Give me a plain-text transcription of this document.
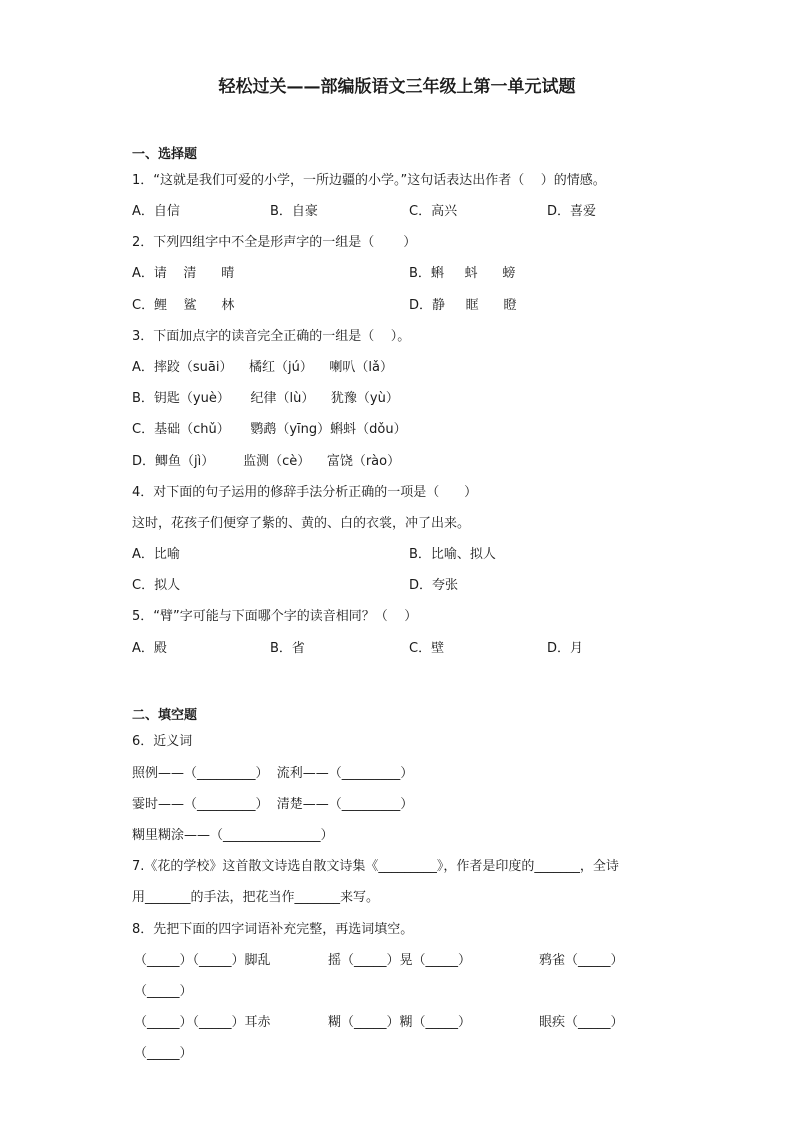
轻松过关——部编版语文三年级上第一单元试题
一、选择题
1．“这就是我们可爱的小学，一所边疆的小学。”这句话表达出作者（    ）的情感。
A．自信	B．自豪	C．高兴	D．喜爱
2．下列四组字中不全是形声字的一组是（       ）
A．请    清      晴	B．蝌     蚪      螃
C．鲤    鲨      林	D．静     眶      瞪
3．下面加点字的读音完全正确的一组是（    ）。
A．摔跤（suāi）    橘红（jú）    喇叭（lǎ）
B．钥匙（yuè）     纪律（lù）    犹豫（yù）
C．基础（chǔ）     鹦鹉（yīng）蝌蚪（dǒu）
D．鲫鱼（jì）       监测（cè）    富饶（rào）
4．对下面的句子运用的修辞手法分析正确的一项是（      ）
这时，花孩子们便穿了紫的、黄的、白的衣裳，冲了出来。
A．比喻	B．比喻、拟人
C．拟人	D．夸张
5．“臂”字可能与下面哪个字的读音相同？（    ）
A．殿	B．省	C．壁	D．月
二、填空题
6．近义词
照例——（_________）  流利——（_________）
霎时——（_________）  清楚——（_________）
糊里糊涂——（_______________）
7.《花的学校》这首散文诗选自散文诗集《_________》，作者是印度的_______，全诗
用_______的手法，把花当作_______来写。
8．先把下面的四字词语补充完整，再选词填空。
（_____）（_____）脚乱	摇（_____）晃（_____）	鸦雀（_____）
（_____）
（_____）（_____）耳赤	糊（_____）糊（_____）	眼疾（_____）
（_____）
